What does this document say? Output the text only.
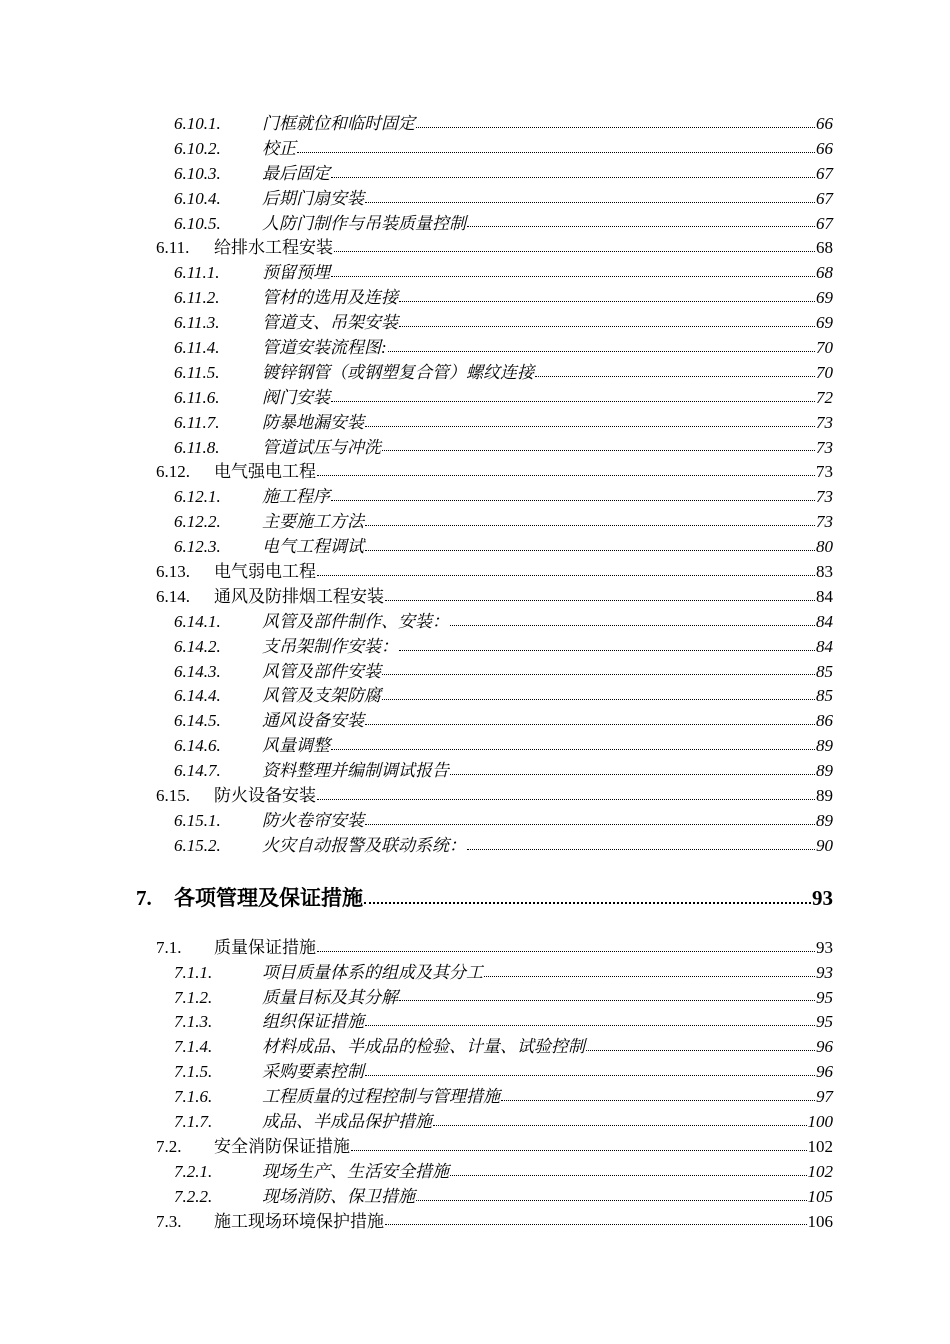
6.10.1.	门框就位和临时固定	66
6.10.2.	校正	66
6.10.3.	最后固定	67
6.10.4.	后期门扇安装	67
6.10.5.	人防门制作与吊装质量控制	67
6.11.	给排水工程安装	68
6.11.1.	预留预埋	68
6.11.2.	管材的选用及连接	69
6.11.3.	管道支、吊架安装	69
6.11.4.	管道安装流程图:	70
6.11.5.	镀锌钢管（或钢塑复合管）螺纹连接	70
6.11.6.	阀门安装	72
6.11.7.	防暴地漏安装	73
6.11.8.	管道试压与冲洗	73
6.12.	电气强电工程	73
6.12.1.	施工程序	73
6.12.2.	主要施工方法	73
6.12.3.	电气工程调试	80
6.13.	电气弱电工程	83
6.14.	通风及防排烟工程安装	84
6.14.1.	风管及部件制作、安装：	84
6.14.2.	支吊架制作安装：	84
6.14.3.	风管及部件安装	85
6.14.4.	风管及支架防腐	85
6.14.5.	通风设备安装	86
6.14.6.	风量调整	89
6.14.7.	资料整理并编制调试报告	89
6.15.	防火设备安装	89
6.15.1.	防火卷帘安装	89
6.15.2.	火灾自动报警及联动系统：	90
7.	各项管理及保证措施	93
7.1.	质量保证措施	93
7.1.1.	项目质量体系的组成及其分工	93
7.1.2.	质量目标及其分解	95
7.1.3.	组织保证措施	95
7.1.4.	材料成品、半成品的检验、计量、试验控制	96
7.1.5.	采购要素控制	96
7.1.6.	工程质量的过程控制与管理措施	97
7.1.7.	成品、半成品保护措施	100
7.2.	安全消防保证措施	102
7.2.1.	现场生产、生活安全措施	102
7.2.2.	现场消防、保卫措施	105
7.3.	施工现场环境保护措施	106
